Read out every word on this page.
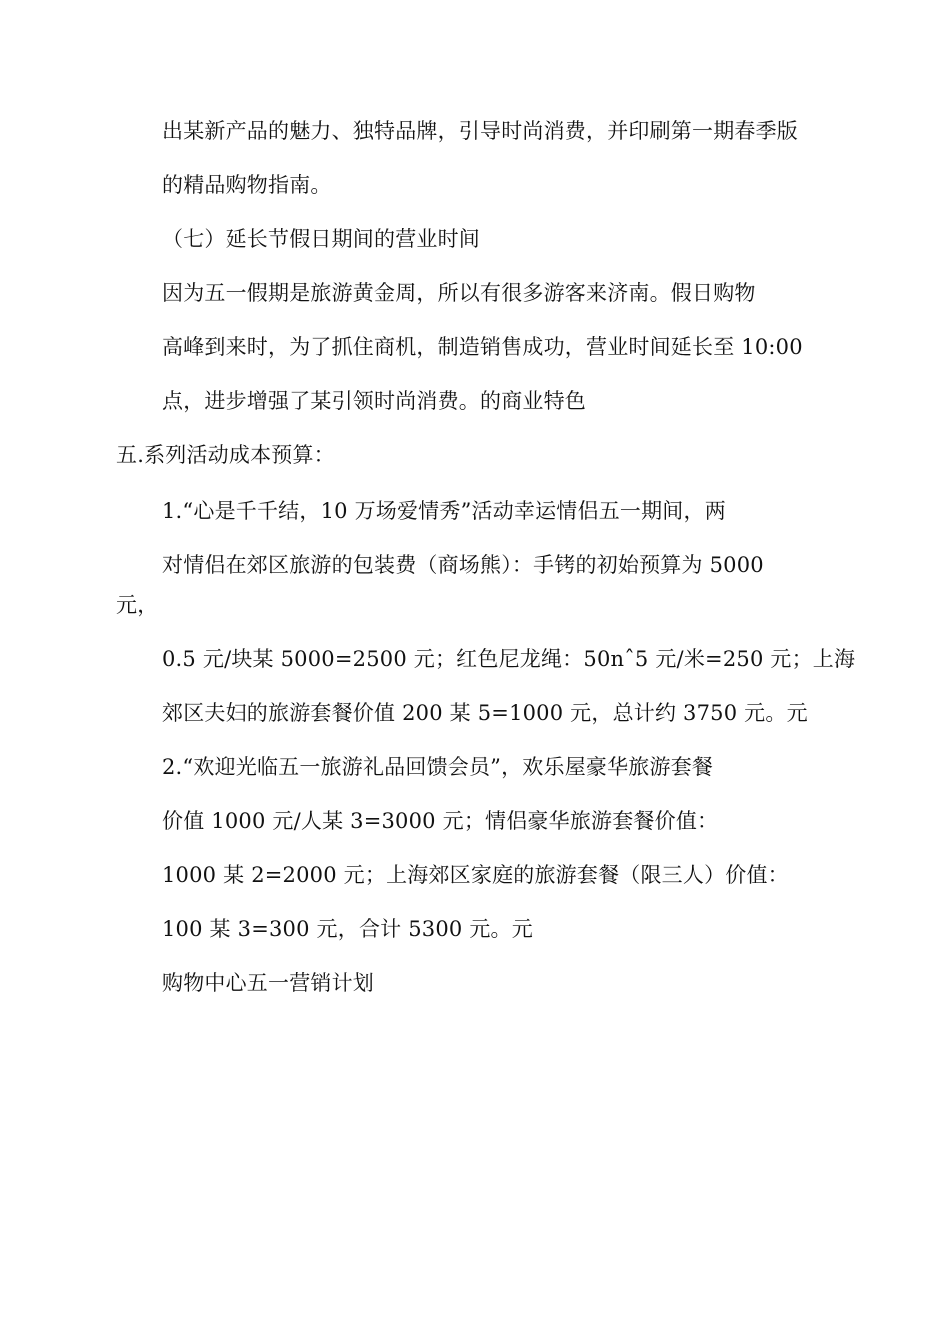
出某新产品的魅力、独特品牌，引导时尚消费，并印刷第一期春季版

的精品购物指南。

（七）延长节假日期间的营业时间

因为五一假期是旅游黄金周，所以有很多游客来济南。假日购物

高峰到来时，为了抓住商机，制造销售成功，营业时间延长至 10:00

点，进步增强了某引领时尚消费。的商业特色

五.系列活动成本预算：

1.“心是千千结，10 万场爱情秀”活动幸运情侣五一期间，两

对情侣在郊区旅游的包装费（商场熊）：手铐的初始预算为 5000

元，

0.5 元/块某 5000=2500 元；红色尼龙绳：50nˆ5 元/米=250 元；上海

郊区夫妇的旅游套餐价值 200 某 5=1000 元，总计约 3750 元。元

2.“欢迎光临五一旅游礼品回馈会员”，欢乐屋豪华旅游套餐

价值 1000 元/人某 3=3000 元；情侣豪华旅游套餐价值：

1000 某 2=2000 元；上海郊区家庭的旅游套餐（限三人）价值：

100 某 3=300 元，合计 5300 元。元

购物中心五一营销计划
